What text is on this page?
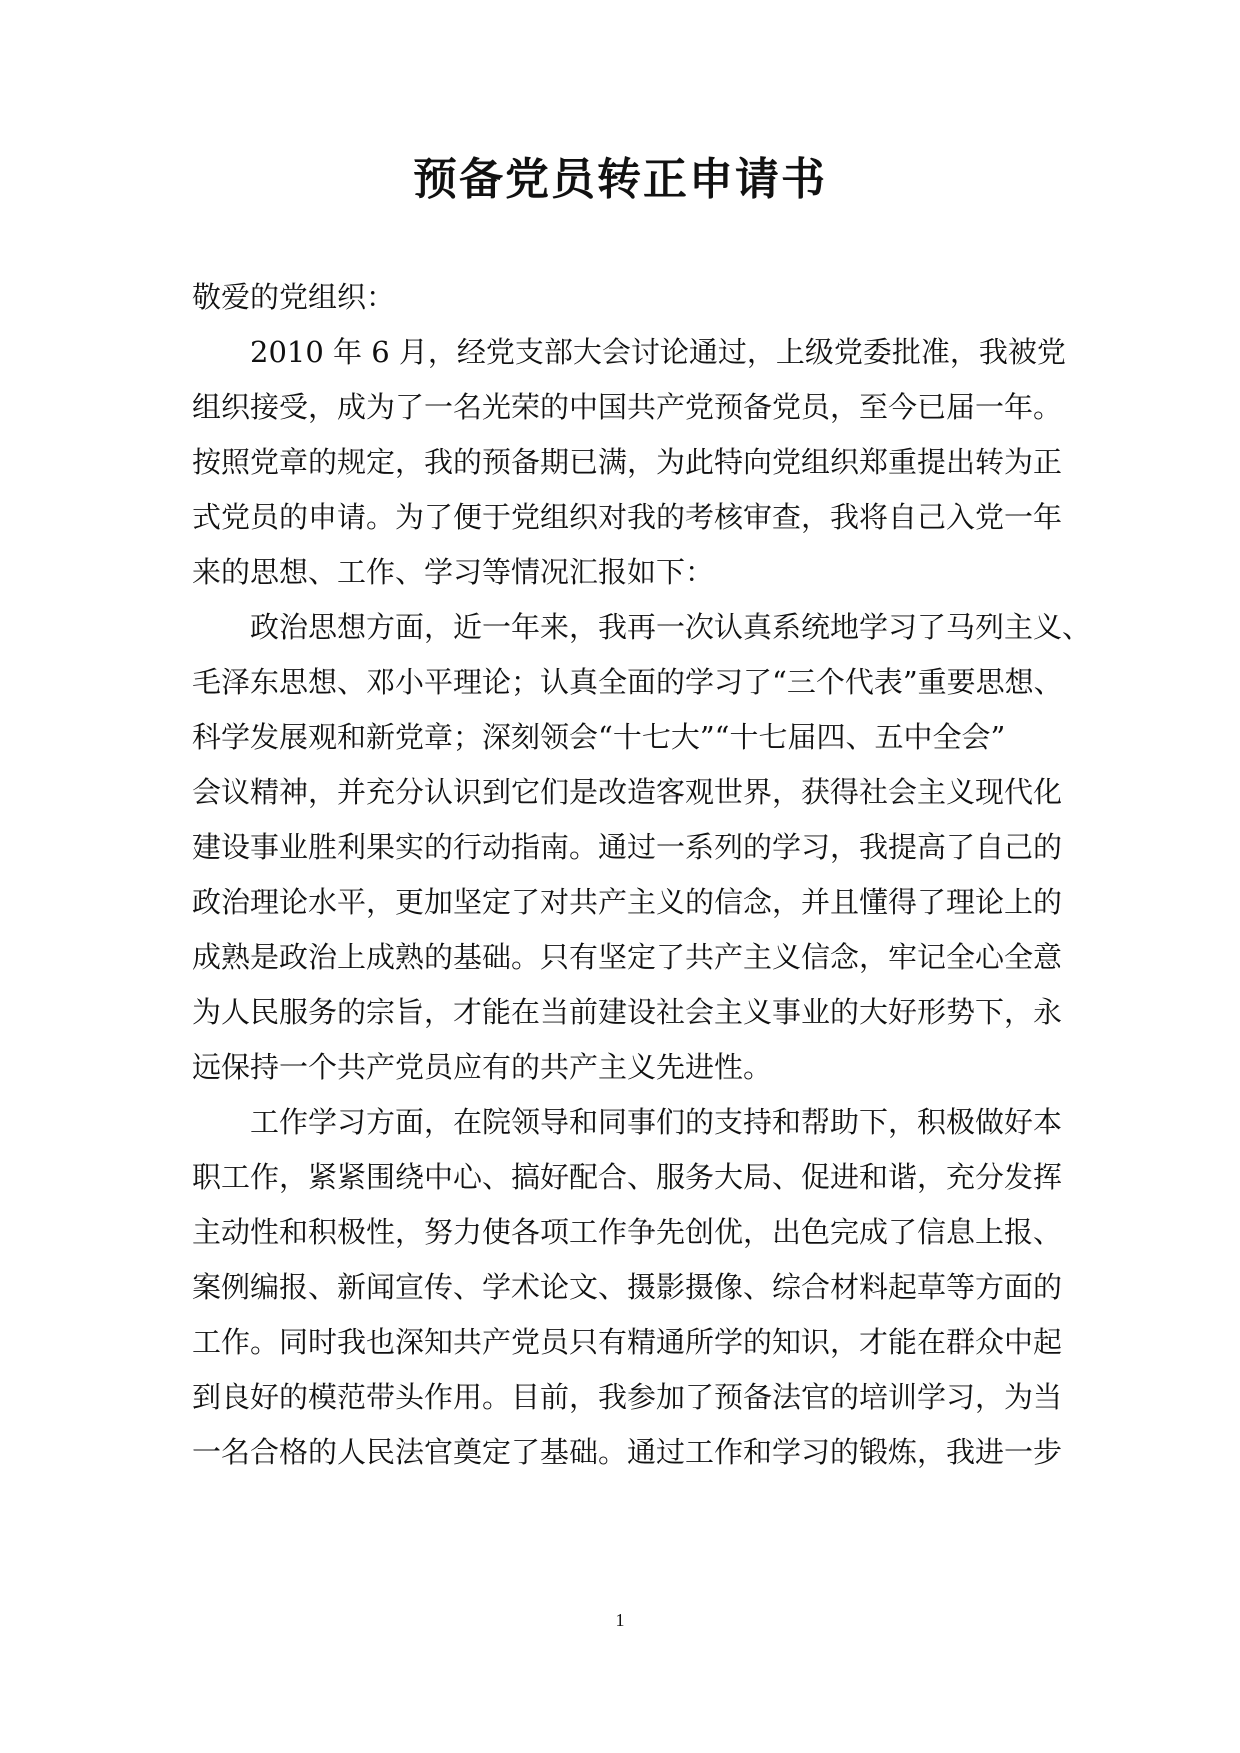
预备党员转正申请书
敬爱的党组织：
2010 年 6 月，经党支部大会讨论通过，上级党委批准，我被党
组织接受，成为了一名光荣的中国共产党预备党员，至今已届一年。
按照党章的规定，我的预备期已满，为此特向党组织郑重提出转为正
式党员的申请。为了便于党组织对我的考核审查，我将自己入党一年
来的思想、工作、学习等情况汇报如下：
政治思想方面，近一年来，我再一次认真系统地学习了马列主义、
毛泽东思想、邓小平理论；认真全面的学习了“三个代表”重要思想、
科学发展观和新党章；深刻领会“十七大”“十七届四、五中全会”
会议精神，并充分认识到它们是改造客观世界，获得社会主义现代化
建设事业胜利果实的行动指南。通过一系列的学习，我提高了自己的
政治理论水平，更加坚定了对共产主义的信念，并且懂得了理论上的
成熟是政治上成熟的基础。只有坚定了共产主义信念，牢记全心全意
为人民服务的宗旨，才能在当前建设社会主义事业的大好形势下，永
远保持一个共产党员应有的共产主义先进性。
工作学习方面，在院领导和同事们的支持和帮助下，积极做好本
职工作，紧紧围绕中心、搞好配合、服务大局、促进和谐，充分发挥
主动性和积极性，努力使各项工作争先创优，出色完成了信息上报、
案例编报、新闻宣传、学术论文、摄影摄像、综合材料起草等方面的
工作。同时我也深知共产党员只有精通所学的知识，才能在群众中起
到良好的模范带头作用。目前，我参加了预备法官的培训学习，为当
一名合格的人民法官奠定了基础。通过工作和学习的锻炼，我进一步
1
